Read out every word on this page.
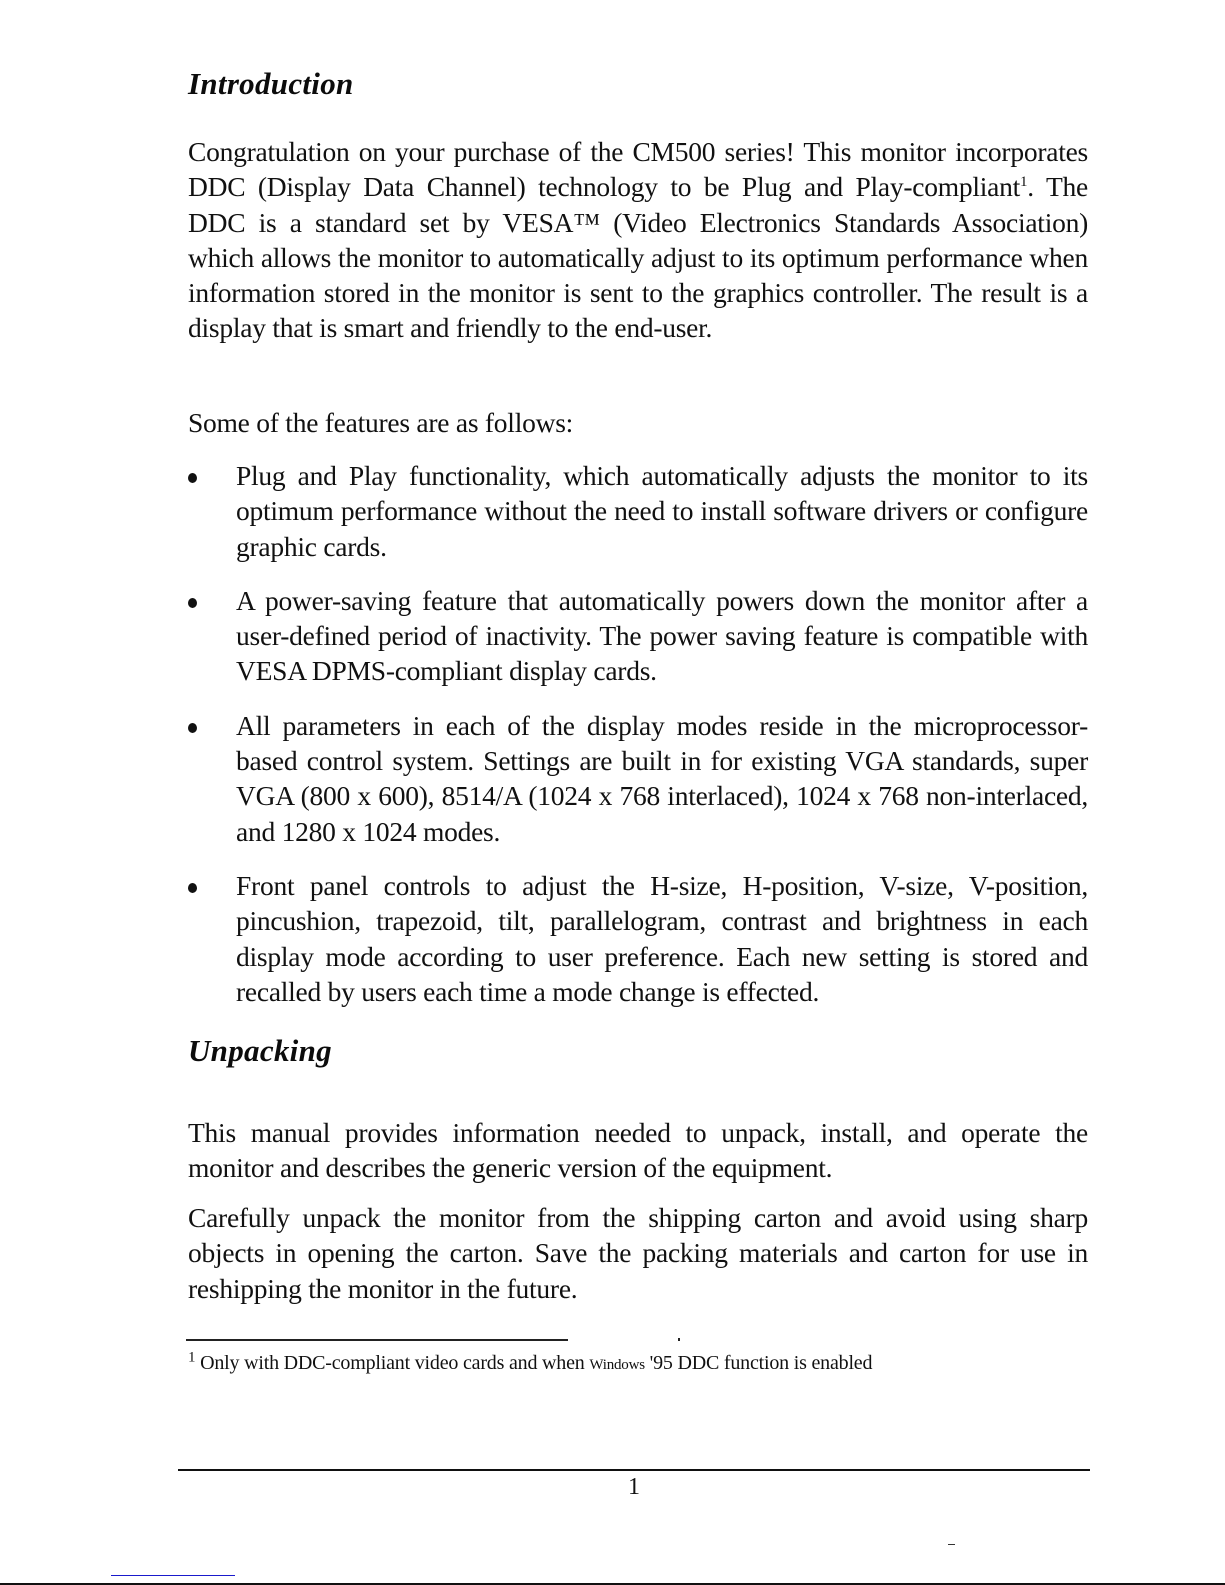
Introduction

Congratulation on your purchase of the CM500 series! This monitor incorporates DDC (Display Data Channel) technology to be Plug and Play-compliant$^1$. The DDC is a standard set by VESA™ (Video Electronics Standards Association) which allows the monitor to automatically adjust to its optimum performance when information stored in the monitor is sent to the graphics controller. The result is a display that is smart and friendly to the end-user.

Some of the features are as follows:

Plug and Play functionality, which automatically adjusts the monitor to its optimum performance without the need to install software drivers or configure graphic cards.
A power-saving feature that automatically powers down the monitor after a user-defined period of inactivity. The power saving feature is compatible with VESA DPMS-compliant display cards.
All parameters in each of the display modes reside in the microprocessor-based control system. Settings are built in for existing VGA standards, super VGA (800 x 600), 8514/A (1024 x 768 interlaced), 1024 x 768 non-interlaced, and 1280 x 1024 modes.
Front panel controls to adjust the H-size, H-position, V-size, V-position, pincushion, trapezoid, tilt, parallelogram, contrast and brightness in each display mode according to user preference. Each new setting is stored and recalled by users each time a mode change is effected.
Unpacking

This manual provides information needed to unpack, install, and operate the monitor and describes the generic version of the equipment.

Carefully unpack the monitor from the shipping carton and avoid using sharp objects in opening the carton. Save the packing materials and carton for use in reshipping the monitor in the future.

$^1$ Only with DDC-compliant video cards and when Windows '95 DDC function is enabled

1
